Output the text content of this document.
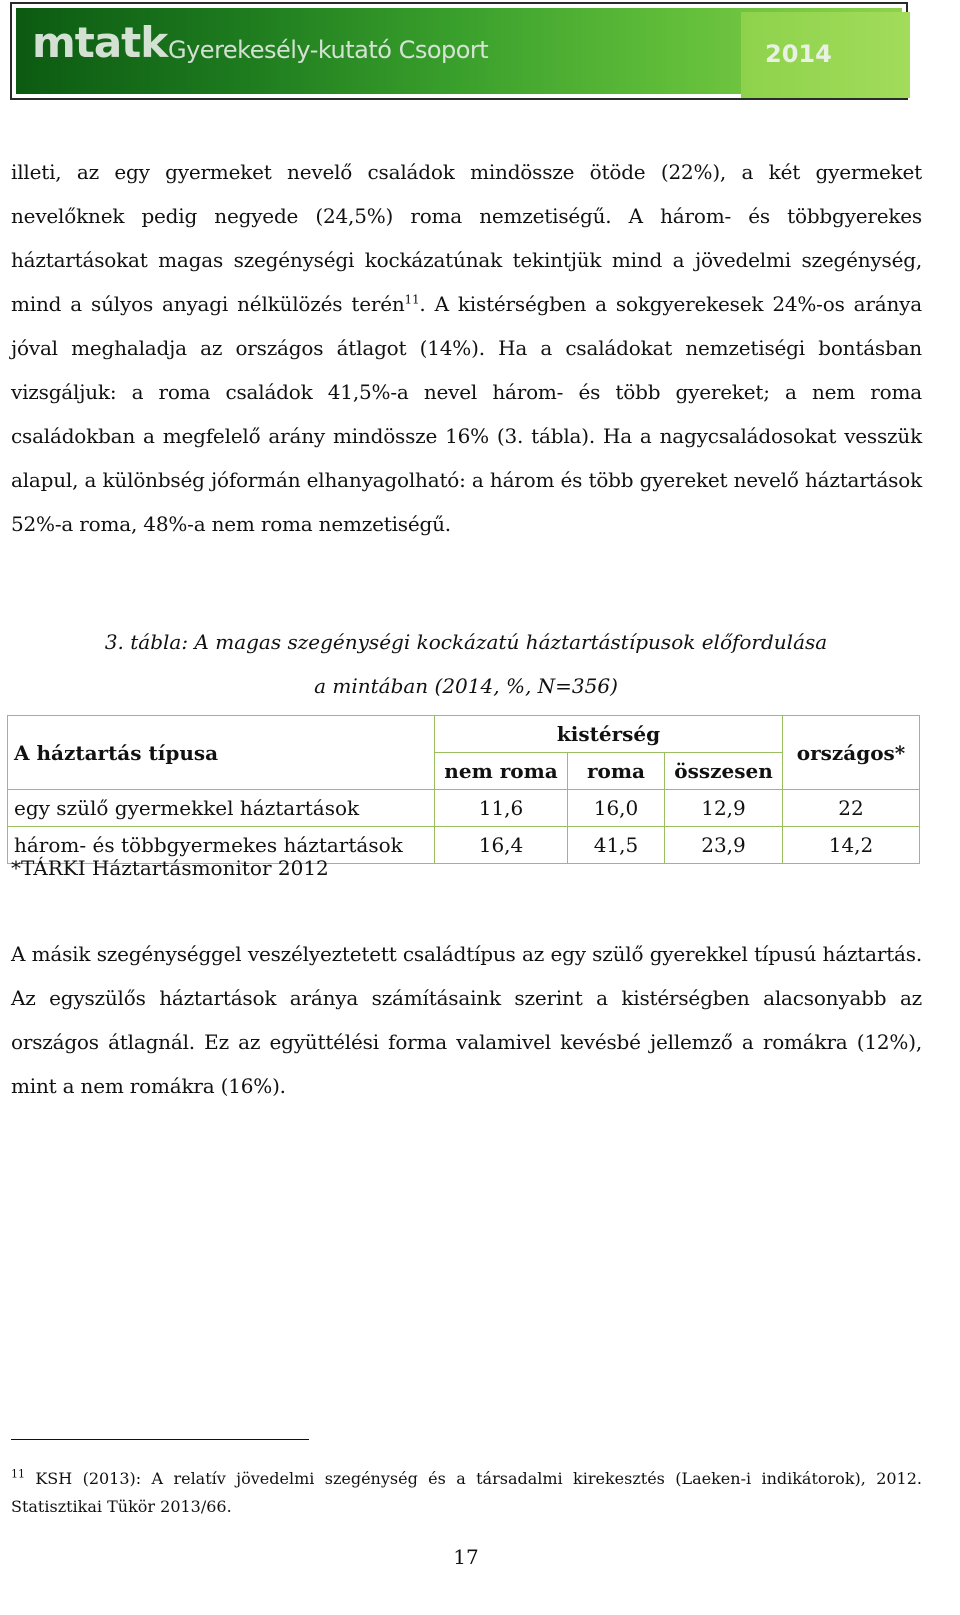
mtatk Gyerekesély-kutató Csoport	2014

illeti, az egy gyermeket nevelő családok mindössze ötöde (22%), a két gyermeket nevelőknek pedig negyede (24,5%) roma nemzetiségű. A három- és többgyerekes háztartásokat magas szegénységi kockázatúnak tekintjük mind a jövedelmi szegénység, mind a súlyos anyagi nélkülözés terén$^{11}$. A kistérségben a sokgyerekesek 24%-os aránya jóval meghaladja az országos átlagot (14%). Ha a családokat nemzetiségi bontásban vizsgáljuk: a roma családok 41,5%-a nevel három- és több gyereket; a nem roma családokban a megfelelő arány mindössze 16% (3. tábla). Ha a nagycsaládosokat vesszük alapul, a különbség jóformán elhanyagolható: a három és több gyereket nevelő háztartások 52%-a roma, 48%-a nem roma nemzetiségű.

3. tábla: A magas szegénységi kockázatú háztartástípusok előfordulása
a mintában (2014, %, N=356)
A háztartás típusa	kistérség			országos*
	nem roma	roma	összesen	
egy szülő gyermekkel háztartások	11,6	16,0	12,9	22
három- és többgyermekes háztartások	16,4	41,5	23,9	14,2
*TÁRKI Háztartásmonitor 2012

A másik szegénységgel veszélyeztetett családtípus az egy szülő gyerekkel típusú háztartás. Az egyszülős háztartások aránya számításaink szerint a kistérségben alacsonyabb az országos átlagnál. Ez az együttélési forma valamivel kevésbé jellemző a romákra (12%), mint a nem romákra (16%).

$^{11}$ KSH (2013): A relatív jövedelmi szegénység és a társadalmi kirekesztés (Laeken-i indikátorok), 2012. Statisztikai Tükör 2013/66.
17
